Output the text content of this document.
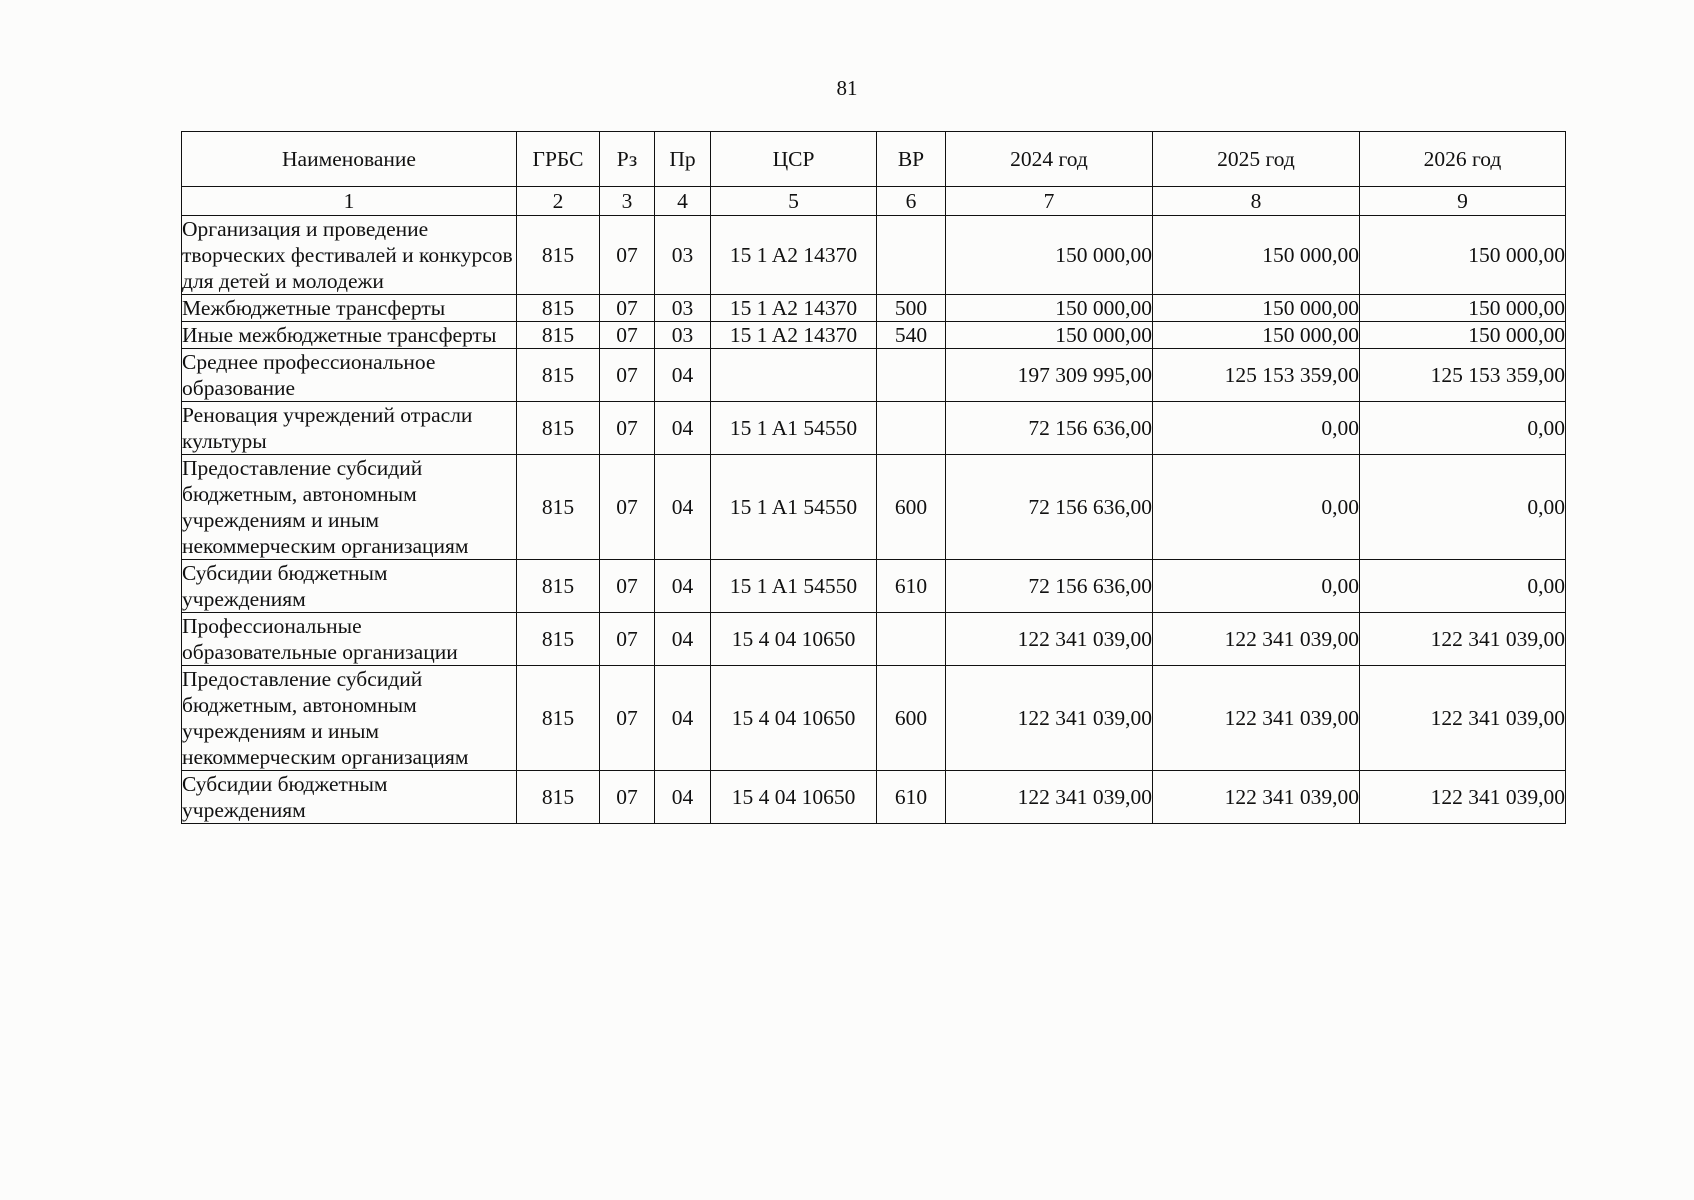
81
Наименование	ГРБС	Рз	Пр	ЦСР	ВР	2024 год	2025 год	2026 год
1	2	3	4	5	6	7	8	9
Организация и проведение творческих фестивалей и конкурсов для детей и молодежи	815	07	03	15 1 A2 14370		150 000,00	150 000,00	150 000,00
Межбюджетные трансферты	815	07	03	15 1 A2 14370	500	150 000,00	150 000,00	150 000,00
Иные межбюджетные трансферты	815	07	03	15 1 A2 14370	540	150 000,00	150 000,00	150 000,00
Среднее профессиональное образование	815	07	04			197 309 995,00	125 153 359,00	125 153 359,00
Реновация учреждений отрасли культуры	815	07	04	15 1 A1 54550		72 156 636,00	0,00	0,00
Предоставление субсидий бюджетным, автономным учреждениям и иным некоммерческим организациям	815	07	04	15 1 A1 54550	600	72 156 636,00	0,00	0,00
Субсидии бюджетным учреждениям	815	07	04	15 1 A1 54550	610	72 156 636,00	0,00	0,00
Профессиональные образовательные организации	815	07	04	15 4 04 10650		122 341 039,00	122 341 039,00	122 341 039,00
Предоставление субсидий бюджетным, автономным учреждениям и иным некоммерческим организациям	815	07	04	15 4 04 10650	600	122 341 039,00	122 341 039,00	122 341 039,00
Субсидии бюджетным учреждениям	815	07	04	15 4 04 10650	610	122 341 039,00	122 341 039,00	122 341 039,00
